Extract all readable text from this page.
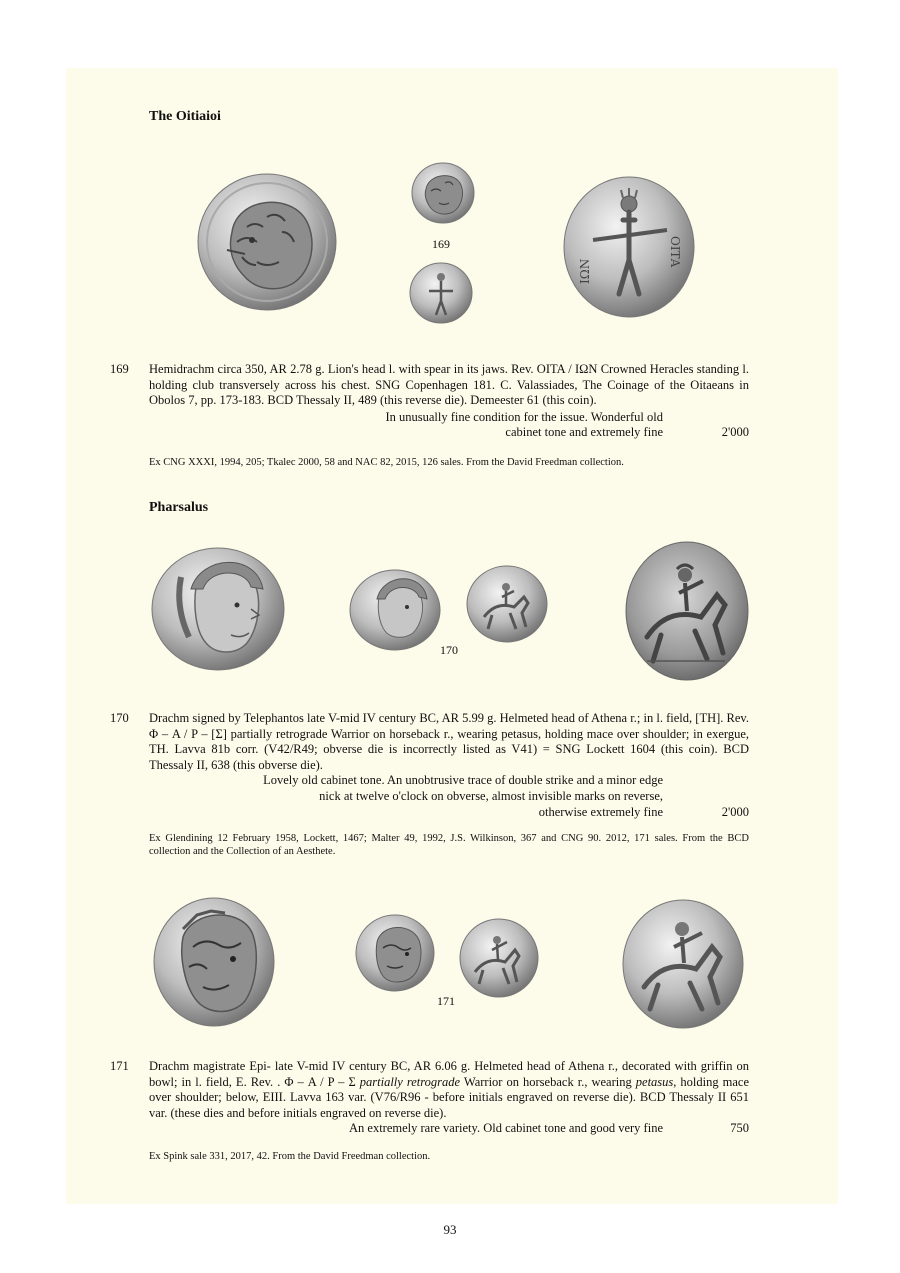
The Oitiaioi
169
ΙΩΝ
ΟΙΤΑ
169 Hemidrachm circa 350, AR 2.78 g. Lion's head l. with spear in its jaws. Rev. OITA / IΩN Crowned Heracles standing l. holding club transversely across his chest. SNG Copenhagen 181. C. Valassiades, The Coinage of the Oitaeans in Obolos 7, pp. 173-183. BCD Thessaly II, 489 (this reverse die). Demeester 61 (this coin).
In unusually fine condition for the issue. Wonderful old
cabinet tone and extremely fine	2'000
Ex CNG XXXI, 1994, 205; Tkalec 2000, 58 and NAC 82, 2015, 126 sales. From the David Freedman collection.
Pharsalus
170
170 Drachm signed by Telephantos late V-mid IV century BC, AR 5.99 g. Helmeted head of Athena r.; in l. field, [TH]. Rev. Φ – A / P – [Σ] partially retrograde Warrior on horseback r., wearing petasus, holding mace over shoulder; in exergue, TH. Lavva 81b corr. (V42/R49; obverse die is incorrectly listed as V41) = SNG Lockett 1604 (this coin). BCD Thessaly II, 638 (this obverse die).
Lovely old cabinet tone. An unobtrusive trace of double strike and a minor edge
nick at twelve o'clock on obverse, almost invisible marks on reverse,
otherwise extremely fine	2'000
Ex Glendining 12 February 1958, Lockett, 1467; Malter 49, 1992, J.S. Wilkinson, 367 and CNG 90. 2012, 171 sales. From the BCD collection and the Collection of an Aesthete.
171
171 Drachm magistrate Epi- late V-mid IV century BC, AR 6.06 g. Helmeted head of Athena r., decorated with griffin on bowl; in l. field, E. Rev. . Φ – A / P – Σ partially retrograde Warrior on horseback r., wearing petasus, holding mace over shoulder; below, EIII. Lavva 163 var. (V76/R96 - before initials engraved on reverse die). BCD Thessaly II 651 var. (these dies and before initials engraved on reverse die).
An extremely rare variety. Old cabinet tone and good very fine	750
Ex Spink sale 331, 2017, 42. From the David Freedman collection.
93
